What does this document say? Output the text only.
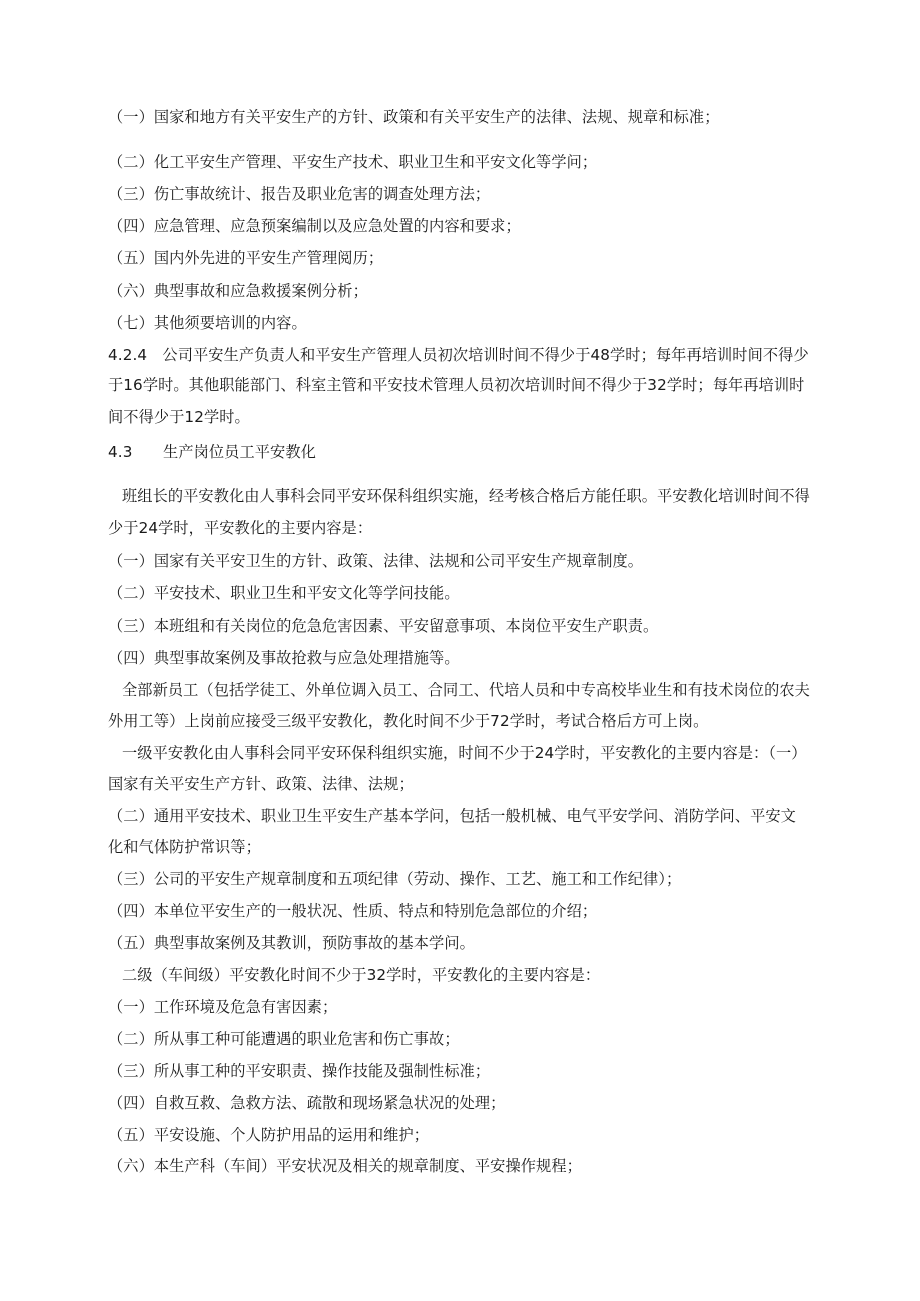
（一）国家和地方有关平安生产的方针、政策和有关平安生产的法律、法规、规章和标准；
（二）化工平安生产管理、平安生产技术、职业卫生和平安文化等学问；
（三）伤亡事故统计、报告及职业危害的调查处理方法；
（四）应急管理、应急预案编制以及应急处置的内容和要求；
（五）国内外先进的平安生产管理阅历；
（六）典型事故和应急救援案例分析；
（七）其他须要培训的内容。
4.2.4　公司平安生产负责人和平安生产管理人员初次培训时间不得少于48学时；每年再培训时间不得少
于16学时。其他职能部门、科室主管和平安技术管理人员初次培训时间不得少于32学时；每年再培训时
间不得少于12学时。
4.3　　生产岗位员工平安教化
班组长的平安教化由人事科会同平安环保科组织实施，经考核合格后方能任职。平安教化培训时间不得
少于24学时，平安教化的主要内容是：
（一）国家有关平安卫生的方针、政策、法律、法规和公司平安生产规章制度。
（二）平安技术、职业卫生和平安文化等学问技能。
（三）本班组和有关岗位的危急危害因素、平安留意事项、本岗位平安生产职责。
（四）典型事故案例及事故抢救与应急处理措施等。
全部新员工（包括学徒工、外单位调入员工、合同工、代培人员和中专高校毕业生和有技术岗位的农夫
外用工等）上岗前应接受三级平安教化，教化时间不少于72学时，考试合格后方可上岗。
一级平安教化由人事科会同平安环保科组织实施，时间不少于24学时，平安教化的主要内容是：（一）
国家有关平安生产方针、政策、法律、法规；
（二）通用平安技术、职业卫生平安生产基本学问，包括一般机械、电气平安学问、消防学问、平安文
化和气体防护常识等；
（三）公司的平安生产规章制度和五项纪律（劳动、操作、工艺、施工和工作纪律）；
（四）本单位平安生产的一般状况、性质、特点和特别危急部位的介绍；
（五）典型事故案例及其教训，预防事故的基本学问。
二级（车间级）平安教化时间不少于32学时，平安教化的主要内容是：
（一）工作环境及危急有害因素；
（二）所从事工种可能遭遇的职业危害和伤亡事故；
（三）所从事工种的平安职责、操作技能及强制性标准；
（四）自救互救、急救方法、疏散和现场紧急状况的处理；
（五）平安设施、个人防护用品的运用和维护；
（六）本生产科（车间）平安状况及相关的规章制度、平安操作规程；
